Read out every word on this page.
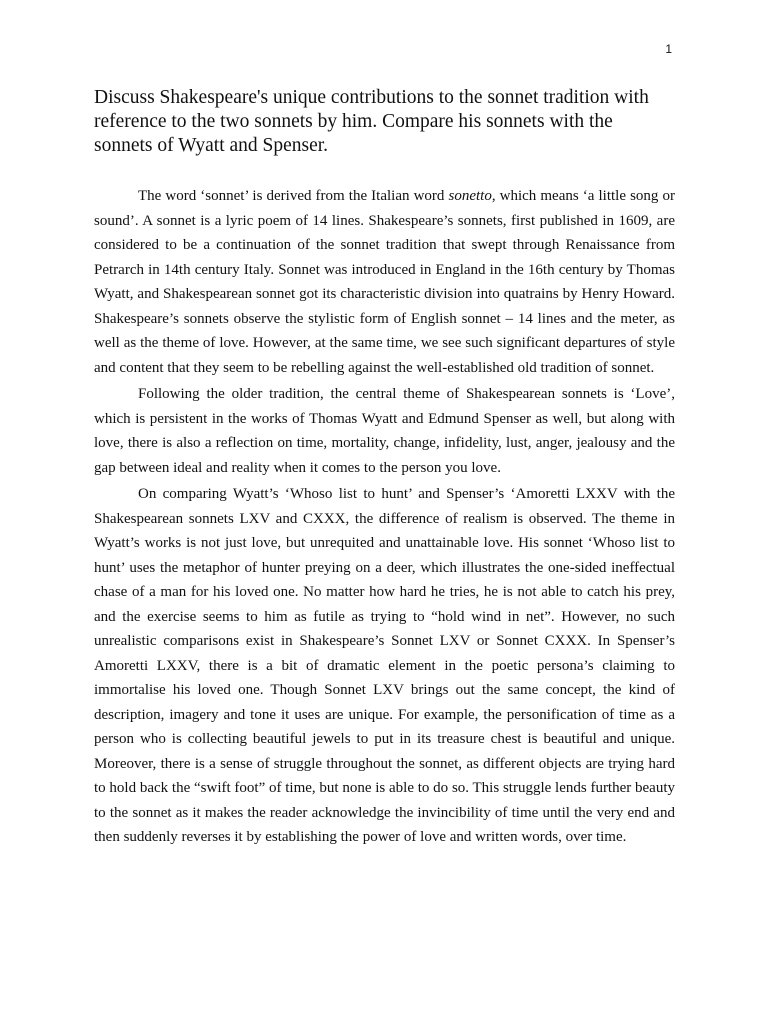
1
Discuss Shakespeare's unique contributions to the sonnet tradition with reference to the two sonnets by him. Compare his sonnets with the sonnets of Wyatt and Spenser.

The word ‘sonnet’ is derived from the Italian word sonetto, which means ‘a little song or sound’. A sonnet is a lyric poem of 14 lines. Shakespeare’s sonnets, first published in 1609, are considered to be a continuation of the sonnet tradition that swept through Renaissance from Petrarch in 14th century Italy. Sonnet was introduced in England in the 16th century by Thomas Wyatt, and Shakespearean sonnet got its characteristic division into quatrains by Henry Howard. Shakespeare’s sonnets observe the stylistic form of English sonnet – 14 lines and the meter, as well as the theme of love. However, at the same time, we see such significant departures of style and content that they seem to be rebelling against the well-established old tradition of sonnet.

Following the older tradition, the central theme of Shakespearean sonnets is ‘Love’, which is persistent in the works of Thomas Wyatt and Edmund Spenser as well, but along with love, there is also a reflection on time, mortality, change, infidelity, lust, anger, jealousy and the gap between ideal and reality when it comes to the person you love.

On comparing Wyatt’s ‘Whoso list to hunt’ and Spenser’s ‘Amoretti LXXV with the Shakespearean sonnets LXV and CXXX, the difference of realism is observed. The theme in Wyatt’s works is not just love, but unrequited and unattainable love. His sonnet ‘Whoso list to hunt’ uses the metaphor of hunter preying on a deer, which illustrates the one-sided ineffectual chase of a man for his loved one. No matter how hard he tries, he is not able to catch his prey, and the exercise seems to him as futile as trying to “hold wind in net”. However, no such unrealistic comparisons exist in Shakespeare’s Sonnet LXV or Sonnet CXXX. In Spenser’s Amoretti LXXV, there is a bit of dramatic element in the poetic persona’s claiming to immortalise his loved one. Though Sonnet LXV brings out the same concept, the kind of description, imagery and tone it uses are unique. For example, the personification of time as a person who is collecting beautiful jewels to put in its treasure chest is beautiful and unique. Moreover, there is a sense of struggle throughout the sonnet, as different objects are trying hard to hold back the “swift foot” of time, but none is able to do so. This struggle lends further beauty to the sonnet as it makes the reader acknowledge the invincibility of time until the very end and then suddenly reverses it by establishing the power of love and written words, over time.
